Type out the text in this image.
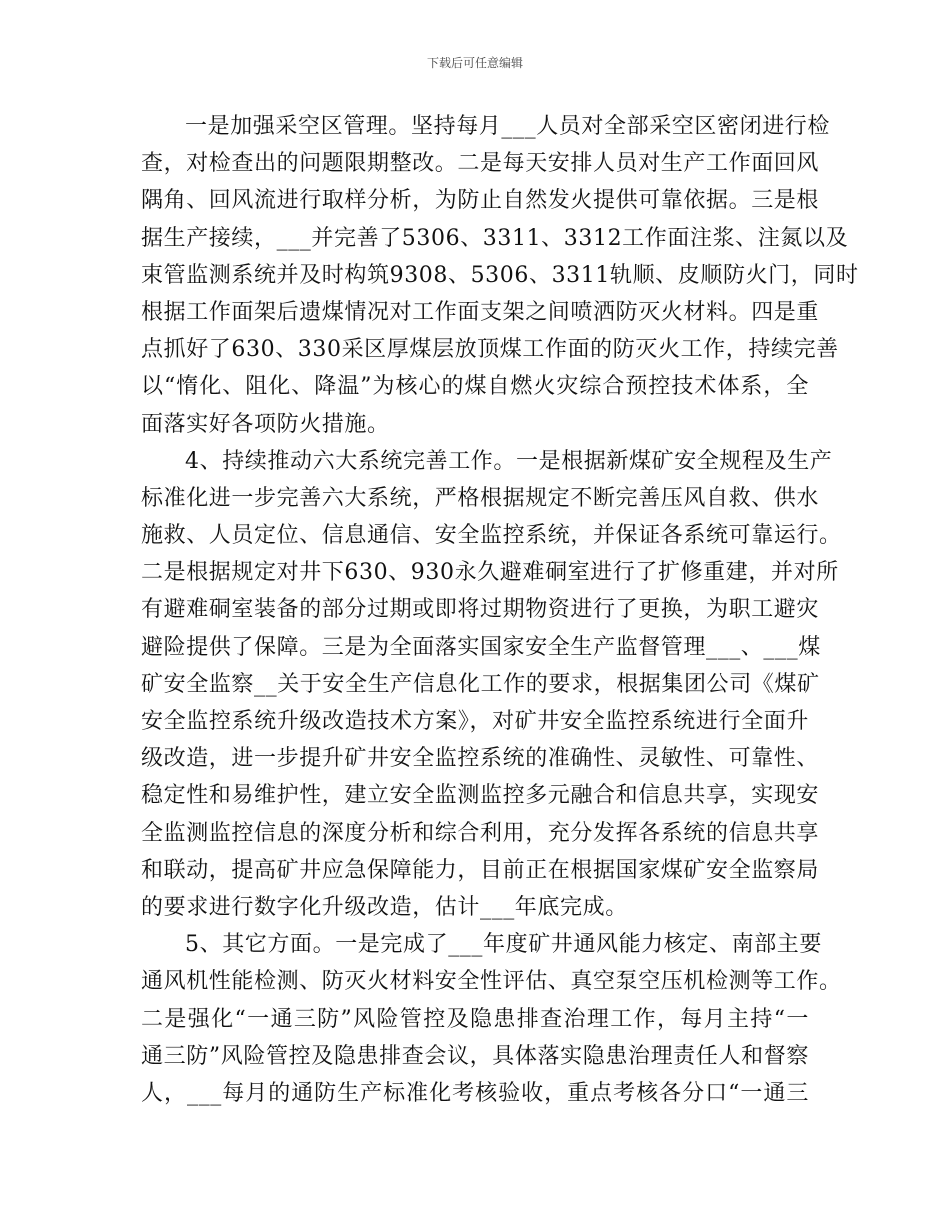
下载后可任意编辑
一是加强采空区管理。坚持每月___人员对全部采空区密闭进行检
查，对检查出的问题限期整改。二是每天安排人员对生产工作面回风
隅角、回风流进行取样分析，为防止自然发火提供可靠依据。三是根
据生产接续，___并完善了5306、3311、3312工作面注浆、注氮以及
束管监测系统并及时构筑9308、5306、3311轨顺、皮顺防火门，同时
根据工作面架后遗煤情况对工作面支架之间喷洒防灭火材料。四是重
点抓好了630、330采区厚煤层放顶煤工作面的防灭火工作，持续完善
以“惰化、阻化、降温”为核心的煤自燃火灾综合预控技术体系，全
面落实好各项防火措施。
4、持续推动六大系统完善工作。一是根据新煤矿安全规程及生产
标准化进一步完善六大系统，严格根据规定不断完善压风自救、供水
施救、人员定位、信息通信、安全监控系统，并保证各系统可靠运行。
二是根据规定对井下630、930永久避难硐室进行了扩修重建，并对所
有避难硐室装备的部分过期或即将过期物资进行了更换，为职工避灾
避险提供了保障。三是为全面落实国家安全生产监督管理___、___煤
矿安全监察__关于安全生产信息化工作的要求，根据集团公司《煤矿
安全监控系统升级改造技术方案》，对矿井安全监控系统进行全面升
级改造，进一步提升矿井安全监控系统的准确性、灵敏性、可靠性、
稳定性和易维护性，建立安全监测监控多元融合和信息共享，实现安
全监测监控信息的深度分析和综合利用，充分发挥各系统的信息共享
和联动，提高矿井应急保障能力，目前正在根据国家煤矿安全监察局
的要求进行数字化升级改造，估计___年底完成。
5、其它方面。一是完成了___年度矿井通风能力核定、南部主要
通风机性能检测、防灭火材料安全性评估、真空泵空压机检测等工作。
二是强化“一通三防”风险管控及隐患排查治理工作，每月主持“一
通三防”风险管控及隐患排查会议，具体落实隐患治理责任人和督察
人，___每月的通防生产标准化考核验收，重点考核各分口“一通三
